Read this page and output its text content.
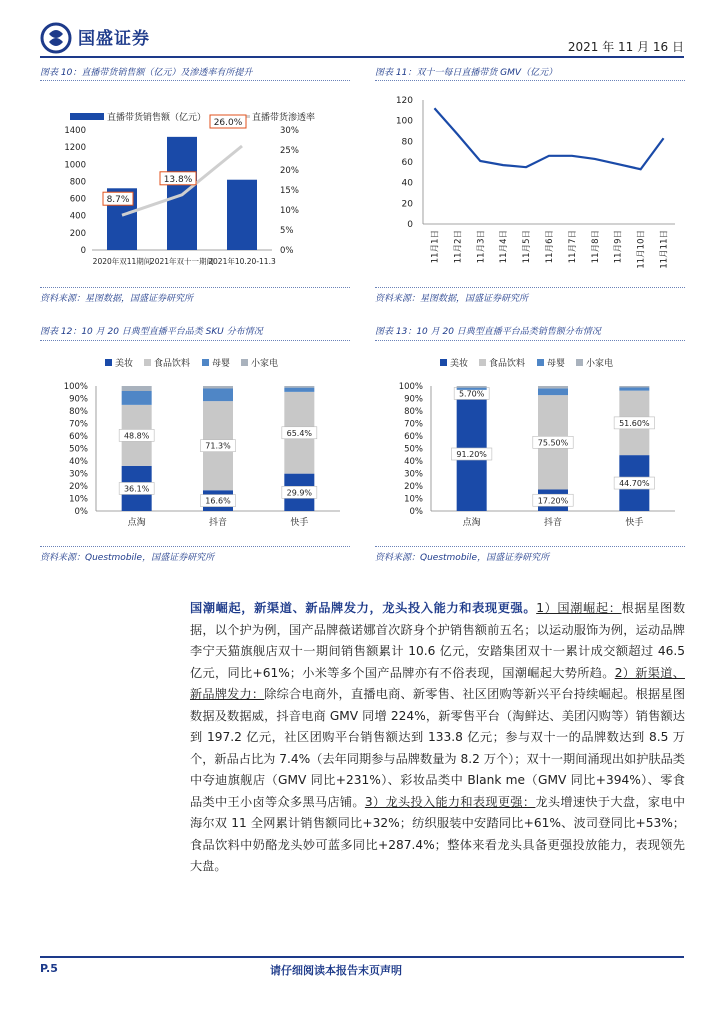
国盛证券	2021 年 11 月 16 日
图表 10：直播带货销售额（亿元）及渗透率有所提升	图表 11：双十一每日直播带货 GMV（亿元）
直播带货销售额（亿元）	直播带货渗透率
0
200
400
600
800
1000
1200
1400
0%
5%
10%
15%
20%
25%
30%
2020年双11期间
2021年双十一期间
2021年10.20-11.3
8.7%
13.8%
26.0%
0
20
40
60
80
100
120
11月1日 11月2日 11月3日 11月4日 11月5日 11月6日 11月7日 11月8日 11月9日 11月10日 11月11日
资料来源：星图数据，国盛证券研究所	资料来源：星图数据，国盛证券研究所
图表 12：10 月 20 日典型直播平台品类 SKU 分布情况	图表 13：10 月 20 日典型直播平台品类销售额分布情况
美妆 食品饮料 母婴 小家电
0%
10%
20%
30%
40%
50%
60%
70%
80%
90%
100%
36.1%
48.8%
点淘
16.6%
71.3%
抖音
29.9%
65.4%
快手
美妆 食品饮料 母婴 小家电
0%
10%
20%
30%
40%
50%
60%
70%
80%
90%
100%
91.20%
5.70%
点淘
17.20%
75.50%
抖音
44.70%
51.60%
快手
资料来源：Questmobile，国盛证券研究所	资料来源：Questmobile，国盛证券研究所
国潮崛起，新渠道、新品牌发力，龙头投入能力和表现更强。1）国潮崛起：根据星图数据，以个护为例，国产品牌薇诺娜首次跻身个护销售额前五名；以运动服饰为例，运动品牌李宁天猫旗舰店双十一期间销售额累计 10.6 亿元，安踏集团双十一累计成交额超过 46.5 亿元，同比+61%；小米等多个国产品牌亦有不俗表现，国潮崛起大势所趋。2）新渠道、新品牌发力：除综合电商外，直播电商、新零售、社区团购等新兴平台持续崛起。根据星图数据及数据威，抖音电商 GMV 同增 224%，新零售平台（淘鲜达、美团闪购等）销售额达到 197.2 亿元，社区团购平台销售额达到 133.8 亿元；参与双十一的品牌数达到 8.5 万个，新品占比为 7.4%（去年同期参与品牌数量为 8.2 万个）；双十一期间涌现出如护肤品类中夸迪旗舰店（GMV 同比+231%）、彩妆品类中 Blank me（GMV 同比+394%）、零食品类中王小卤等众多黑马店铺。3）龙头投入能力和表现更强：龙头增速快于大盘，家电中海尔双 11 全网累计销售额同比+32%；纺织服装中安踏同比+61%、波司登同比+53%；食品饮料中奶酪龙头妙可蓝多同比+287.4%；整体来看龙头具备更强投放能力，表现领先大盘。
P.5	请仔细阅读本报告末页声明
